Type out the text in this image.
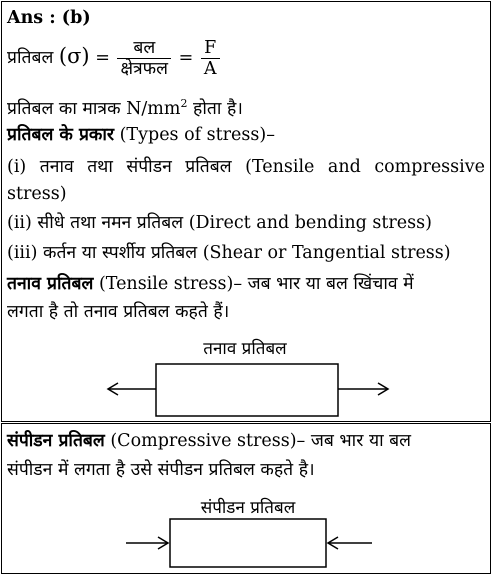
Ans : (b)
प्रतिबल $(\sigma) = \frac{\text{बल}}{\text{क्षेत्रफल}} = \frac{F}{A}$
प्रतिबल का मात्रक $N/mm^2$ होता है।
प्रतिबल के प्रकार (Types of stress)–
(i) तनाव तथा संपीडन प्रतिबल (Tensile and compressive
stress)
(ii) सीधे तथा नमन प्रतिबल (Direct and bending stress)
(iii) कर्तन या स्पर्शीय प्रतिबल (Shear or Tangential stress)
तनाव प्रतिबल (Tensile stress)– जब भार या बल खिंचाव में
लगता है तो तनाव प्रतिबल कहते हैं।
तनाव प्रतिबल
संपीडन प्रतिबल (Compressive stress)– जब भार या बल
संपीडन में लगता है उसे संपीडन प्रतिबल कहते है।
संपीडन प्रतिबल
